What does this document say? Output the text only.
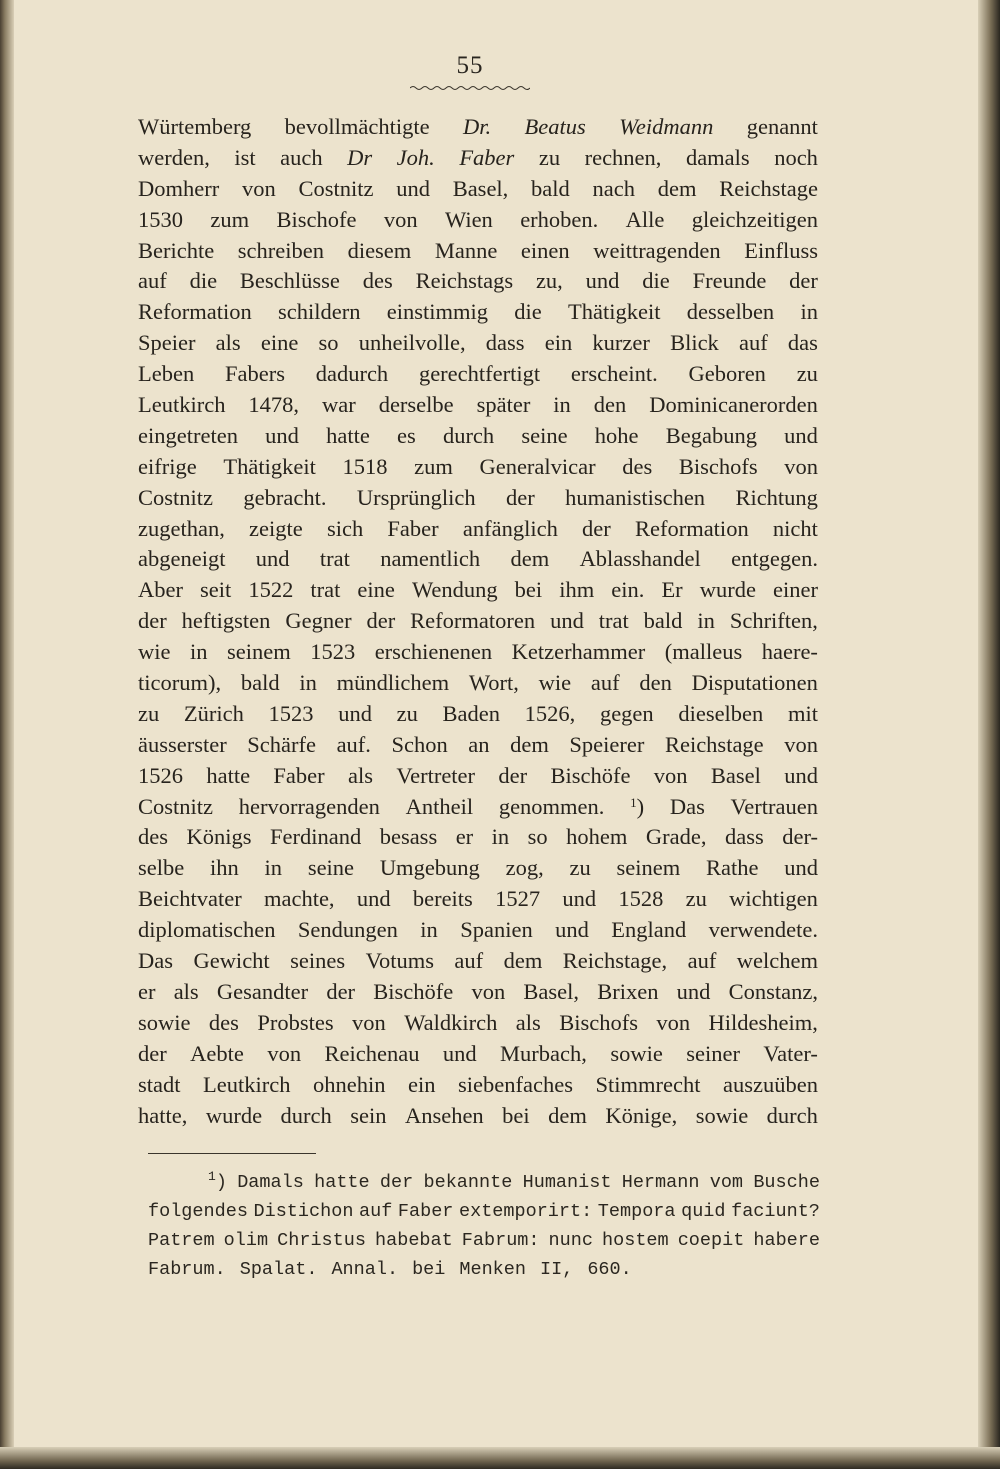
55
Würtemberg bevollmächtigte Dr. Beatus Weidmann genannt
werden, ist auch Dr Joh. Faber zu rechnen, damals noch
Domherr von Costnitz und Basel, bald nach dem Reichstage
1530 zum Bischofe von Wien erhoben. Alle gleichzeitigen
Berichte schreiben diesem Manne einen weittragenden Einfluss
auf die Beschlüsse des Reichstags zu, und die Freunde der
Reformation schildern einstimmig die Thätigkeit desselben in
Speier als eine so unheilvolle, dass ein kurzer Blick auf das
Leben Fabers dadurch gerechtfertigt erscheint. Geboren zu
Leutkirch 1478, war derselbe später in den Dominicanerorden
eingetreten und hatte es durch seine hohe Begabung und
eifrige Thätigkeit 1518 zum Generalvicar des Bischofs von
Costnitz gebracht. Ursprünglich der humanistischen Richtung
zugethan, zeigte sich Faber anfänglich der Reformation nicht
abgeneigt und trat namentlich dem Ablasshandel entgegen.
Aber seit 1522 trat eine Wendung bei ihm ein. Er wurde einer
der heftigsten Gegner der Reformatoren und trat bald in Schriften,
wie in seinem 1523 erschienenen Ketzerhammer (malleus haere-
ticorum), bald in mündlichem Wort, wie auf den Disputationen
zu Zürich 1523 und zu Baden 1526, gegen dieselben mit
äusserster Schärfe auf. Schon an dem Speierer Reichstage von
1526 hatte Faber als Vertreter der Bischöfe von Basel und
Costnitz hervorragenden Antheil genommen. $^1$) Das Vertrauen
des Königs Ferdinand besass er in so hohem Grade, dass der-
selbe ihn in seine Umgebung zog, zu seinem Rathe und
Beichtvater machte, und bereits 1527 und 1528 zu wichtigen
diplomatischen Sendungen in Spanien und England verwendete.
Das Gewicht seines Votums auf dem Reichstage, auf welchem
er als Gesandter der Bischöfe von Basel, Brixen und Constanz,
sowie des Probstes von Waldkirch als Bischofs von Hildesheim,
der Aebte von Reichenau und Murbach, sowie seiner Vater-
stadt Leutkirch ohnehin ein siebenfaches Stimmrecht auszuüben
hatte, wurde durch sein Ansehen bei dem Könige, sowie durch
$^1$) Damals hatte der bekannte Humanist Hermann vom Busche
folgendes Distichon auf Faber extemporirt: Tempora quid faciunt?
Patrem olim Christus habebat Fabrum: nunc hostem coepit habere
Fabrum. Spalat. Annal. bei Menken II, 660.
